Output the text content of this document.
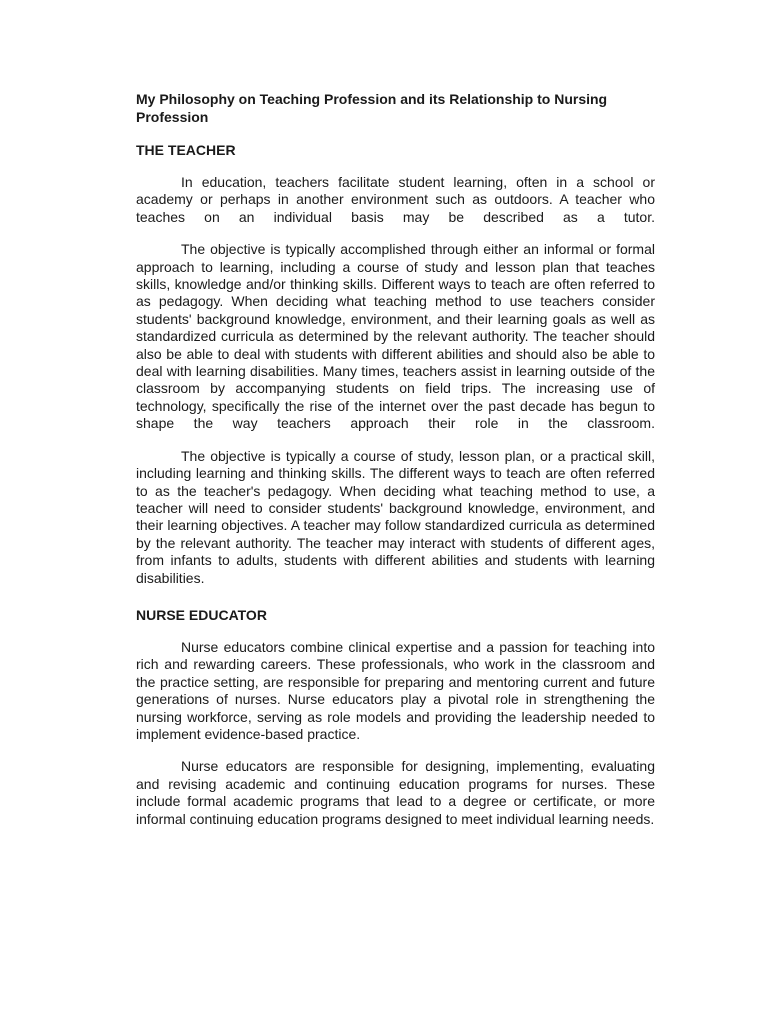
My Philosophy on Teaching Profession and its Relationship to Nursing Profession
THE TEACHER

In education, teachers facilitate student learning, often in a school or academy or perhaps in another environment such as outdoors. A teacher who teaches on an individual basis may be described as a tutor.

The objective is typically accomplished through either an informal or formal approach to learning, including a course of study and lesson plan that teaches skills, knowledge and/or thinking skills. Different ways to teach are often referred to as pedagogy. When deciding what teaching method to use teachers consider students' background knowledge, environment, and their learning goals as well as standardized curricula as determined by the relevant authority. The teacher should also be able to deal with students with different abilities and should also be able to deal with learning disabilities. Many times, teachers assist in learning outside of the classroom by accompanying students on field trips. The increasing use of technology, specifically the rise of the internet over the past decade has begun to shape the way teachers approach their role in the classroom.

The objective is typically a course of study, lesson plan, or a practical skill, including learning and thinking skills. The different ways to teach are often referred to as the teacher's pedagogy. When deciding what teaching method to use, a teacher will need to consider students' background knowledge, environment, and their learning objectives. A teacher may follow standardized curricula as determined by the relevant authority. The teacher may interact with students of different ages, from infants to adults, students with different abilities and students with learning disabilities.

NURSE EDUCATOR

Nurse educators combine clinical expertise and a passion for teaching into rich and rewarding careers. These professionals, who work in the classroom and the practice setting, are responsible for preparing and mentoring current and future generations of nurses. Nurse educators play a pivotal role in strengthening the nursing workforce, serving as role models and providing the leadership needed to implement evidence-based practice.

Nurse educators are responsible for designing, implementing, evaluating and revising academic and continuing education programs for nurses. These include formal academic programs that lead to a degree or certificate, or more informal continuing education programs designed to meet individual learning needs.
